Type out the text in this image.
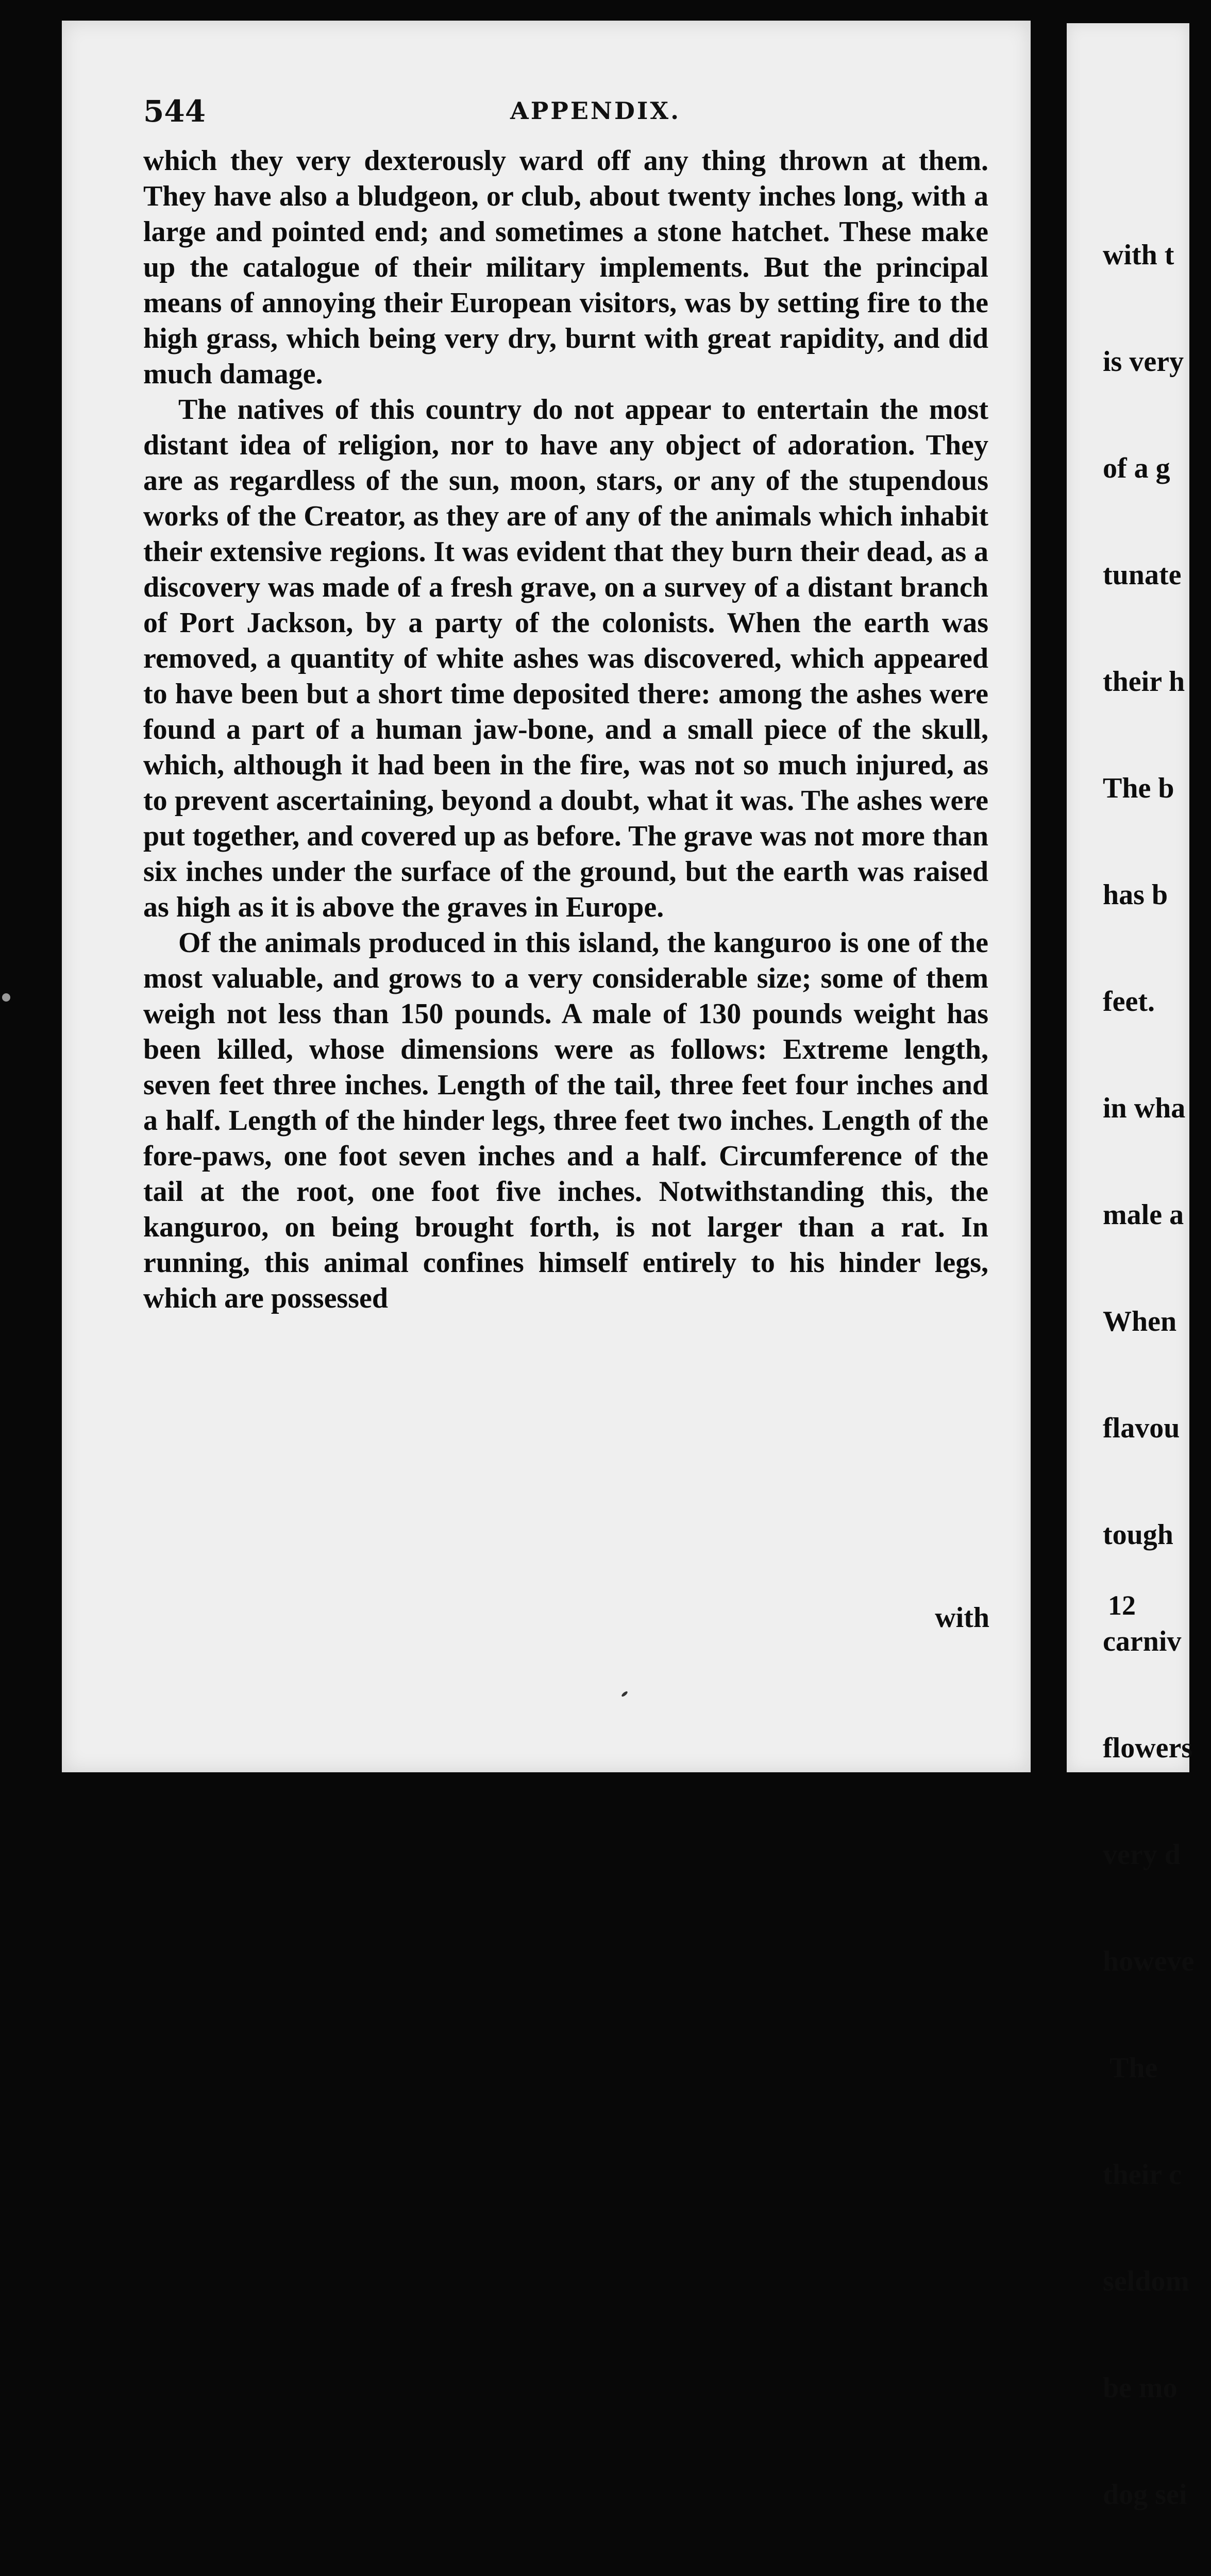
544	APPENDIX.

which they very dexterously ward off any thing thrown at them. They have also a bludgeon, or club, about twenty inches long, with a large and pointed end; and sometimes a stone hatchet. These make up the catalogue of their military implements. But the principal means of annoying their European visitors, was by setting fire to the high grass, which being very dry, burnt with great rapidity, and did much damage.

The natives of this country do not appear to entertain the most distant idea of religion, nor to have any object of adoration. They are as regardless of the sun, moon, stars, or any of the stupendous works of the Creator, as they are of any of the animals which inhabit their extensive regions. It was evident that they burn their dead, as a discovery was made of a fresh grave, on a survey of a distant branch of Port Jackson, by a party of the colonists. When the earth was removed, a quantity of white ashes was discovered, which appeared to have been but a short time deposited there: among the ashes were found a part of a human jaw-bone, and a small piece of the skull, which, although it had been in the fire, was not so much injured, as to prevent ascertaining, beyond a doubt, what it was. The ashes were put together, and covered up as before. The grave was not more than six inches under the surface of the ground, but the earth was raised as high as it is above the graves in Europe.

Of the animals produced in this island, the kanguroo is one of the most valuable, and grows to a very considerable size; some of them weigh not less than 150 pounds. A male of 130 pounds weight has been killed, whose dimensions were as follows: Extreme length, seven feet three inches. Length of the tail, three feet four inches and a half. Length of the hinder legs, three feet two inches. Length of the fore-paws, one foot seven inches and a half. Circumference of the tail at the root, one foot five inches. Notwithstanding this, the kanguroo, on being brought forth, is not larger than a rat. In running, this animal confines himself entirely to his hinder legs, which are possessed

with

with t

is very

of a g

tunate

their h

The b

has b

feet.

in wha

male a

When

flavou

tough

carniv

flowers

very d

howeve

The

their c

seldom

be mo

dog sei

12
